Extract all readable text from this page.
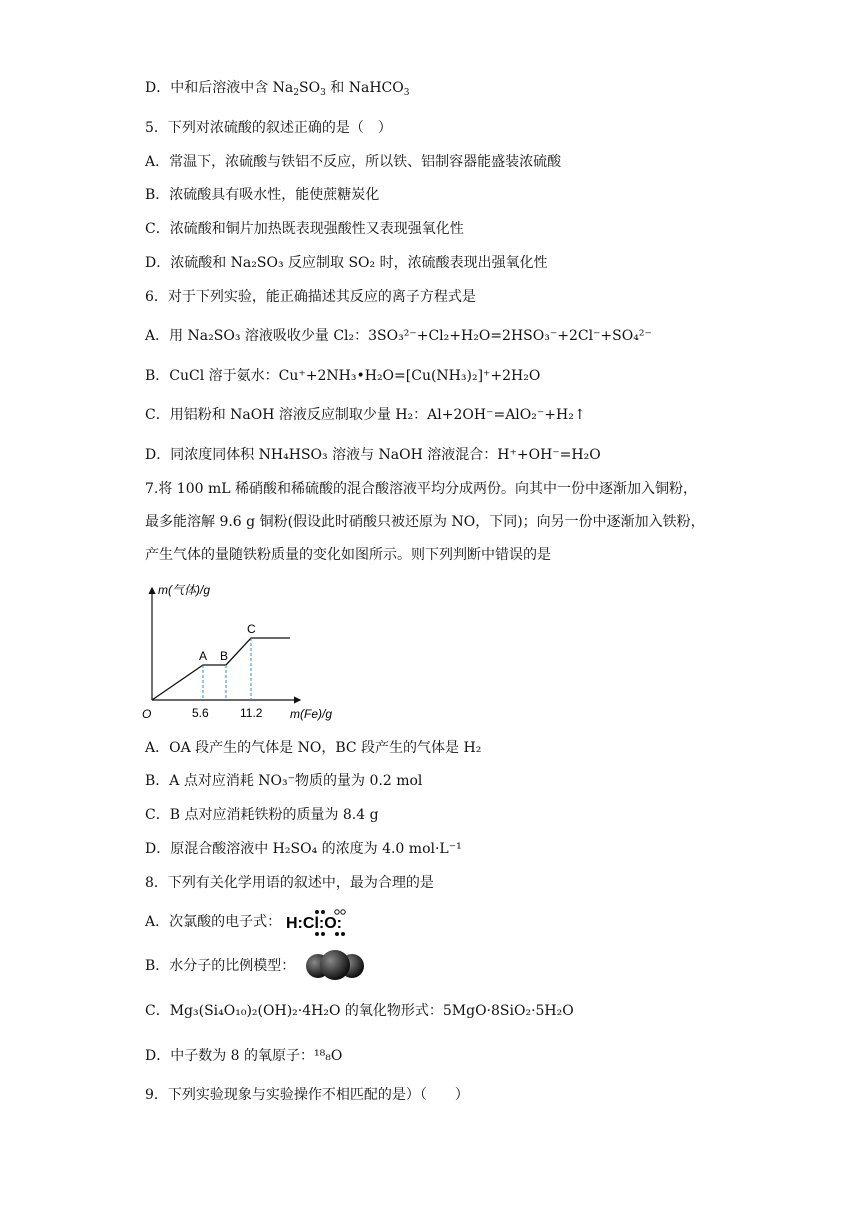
D．中和后溶液中含 $Na_2SO_3$ 和 NaHCO$_3$
5．下列对浓硫酸的叙述正确的是（　）
A．常温下，浓硫酸与铁铝不反应，所以铁、铝制容器能盛装浓硫酸
B．浓硫酸具有吸水性，能使蔗糖炭化
C．浓硫酸和铜片加热既表现强酸性又表现强氧化性
D．浓硫酸和 Na₂SO₃ 反应制取 SO₂ 时，浓硫酸表现出强氧化性
6．对于下列实验，能正确描述其反应的离子方程式是
A．用 Na₂SO₃ 溶液吸收少量 Cl₂：3SO₃²⁻+Cl₂+H₂O=2HSO₃⁻+2Cl⁻+SO₄²⁻
B．CuCl 溶于氨水：Cu⁺+2NH₃•H₂O=[Cu(NH₃)₂]⁺+2H₂O
C．用铝粉和 NaOH 溶液反应制取少量 H₂：Al+2OH⁻=AlO₂⁻+H₂↑
D．同浓度同体积 NH₄HSO₃ 溶液与 NaOH 溶液混合：H⁺+OH⁻=H₂O
7.将 100 mL 稀硝酸和稀硫酸的混合酸溶液平均分成两份。向其中一份中逐渐加入铜粉，
最多能溶解 9.6 g 铜粉(假设此时硝酸只被还原为 NO，下同)；向另一份中逐渐加入铁粉，
产生气体的量随铁粉质量的变化如图所示。则下列判断中错误的是
m(气体)/g
m(Fe)/g
O
A B
C
5.6	11.2
A．OA 段产生的气体是 NO，BC 段产生的气体是 H₂
B．A 点对应消耗 NO₃⁻物质的量为 0.2 mol
C．B 点对应消耗铁粉的质量为 8.4 g
D．原混合酸溶液中 H₂SO₄ 的浓度为 4.0 mol·L⁻¹
8．下列有关化学用语的叙述中，最为合理的是
A．次氯酸的电子式： H:Cl:O:
B．水分子的比例模型：
C．Mg₃(Si₄O₁₀)₂(OH)₂·4H₂O 的氧化物形式：5MgO·8SiO₂·5H₂O
D．中子数为 8 的氧原子：¹⁸₈O
9．下列实验现象与实验操作不相匹配的是）（　　）
